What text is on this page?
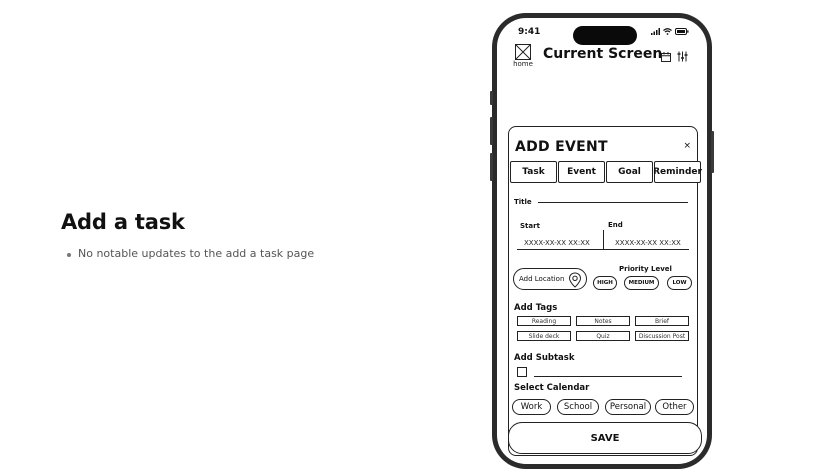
Add a task
No notable updates to the add a task page
9:41
home
Current Screen
ADD EVENT	×
Task	Event	Goal	Reminder
Title
Start	End
XXXX-XX-XX XX:XX	XXXX-XX-XX XX:XX
Add Location
Priority Level
HIGH	MEDIUM	LOW
Add Tags
Reading	Notes	Brief
Slide deck	Quiz	Discussion Post
Add Subtask
Select Calendar
Work	School	Personal	Other
SAVE
